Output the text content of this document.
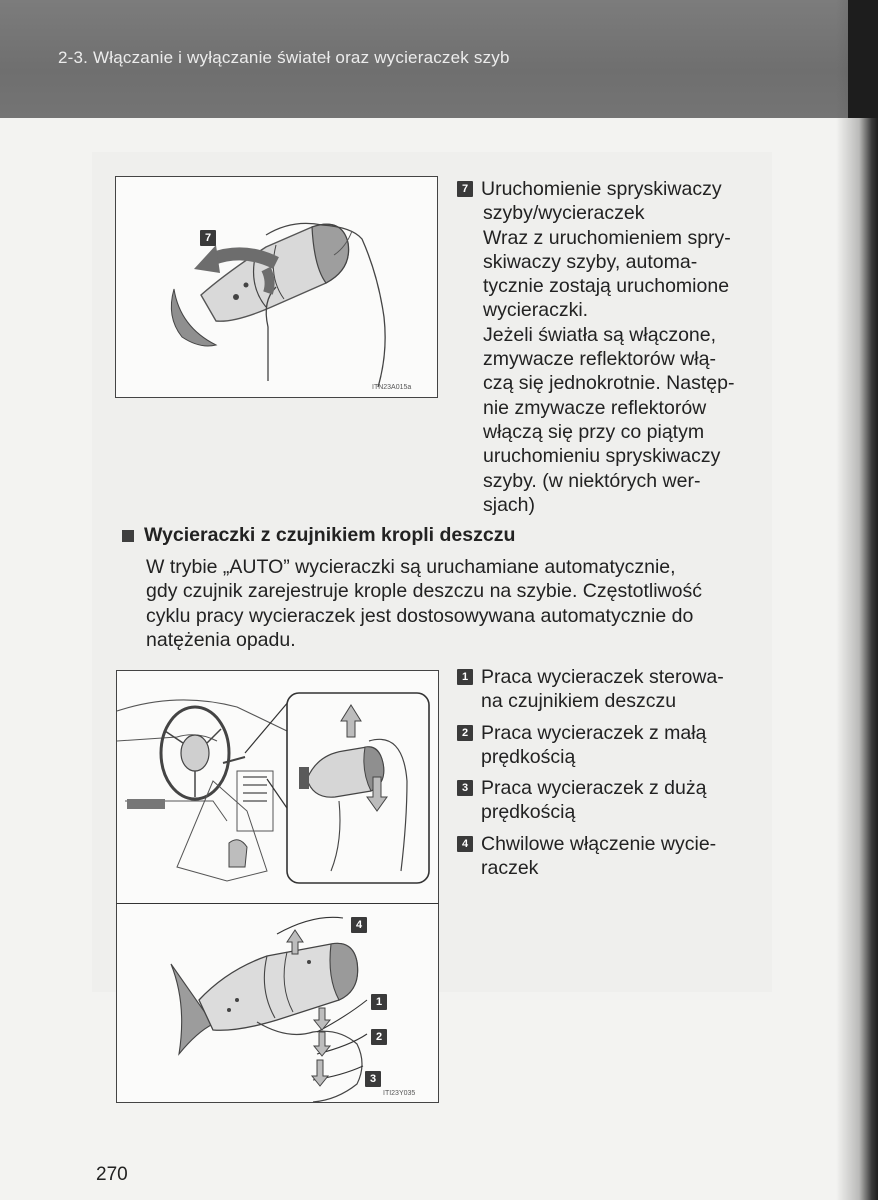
2-3. Włączanie i wyłączanie świateł oraz wycieraczek szyb
7
ITN23A015a
7 Uruchomienie spryskiwaczy

szyby/wycieraczek

Wraz z uruchomieniem spry-

skiwaczy szyby, automa-

tycznie zostają uruchomione

wycieraczki.

Jeżeli światła są włączone,

zmywacze reflektorów włą-

czą się jednokrotnie. Następ-

nie zmywacze reflektorów

włączą się przy co piątym

uruchomieniu spryskiwaczy

szyby. (w niektórych wer-

sjach)

Wycieraczki z czujnikiem kropli deszczu
W trybie „AUTO” wycieraczki są uruchamiane automatycznie,
gdy czujnik zarejestruje krople deszczu na szybie. Częstotliwość
cyklu pracy wycieraczek jest dostosowywana automatycznie do
natężenia opadu.
4
1
2
3
ITI23Y035
1 Praca wycieraczek sterowa-
na czujnikiem deszczu
2 Praca wycieraczek z małą
prędkością
3 Praca wycieraczek z dużą
prędkością
4 Chwilowe włączenie wycie-
raczek
270
